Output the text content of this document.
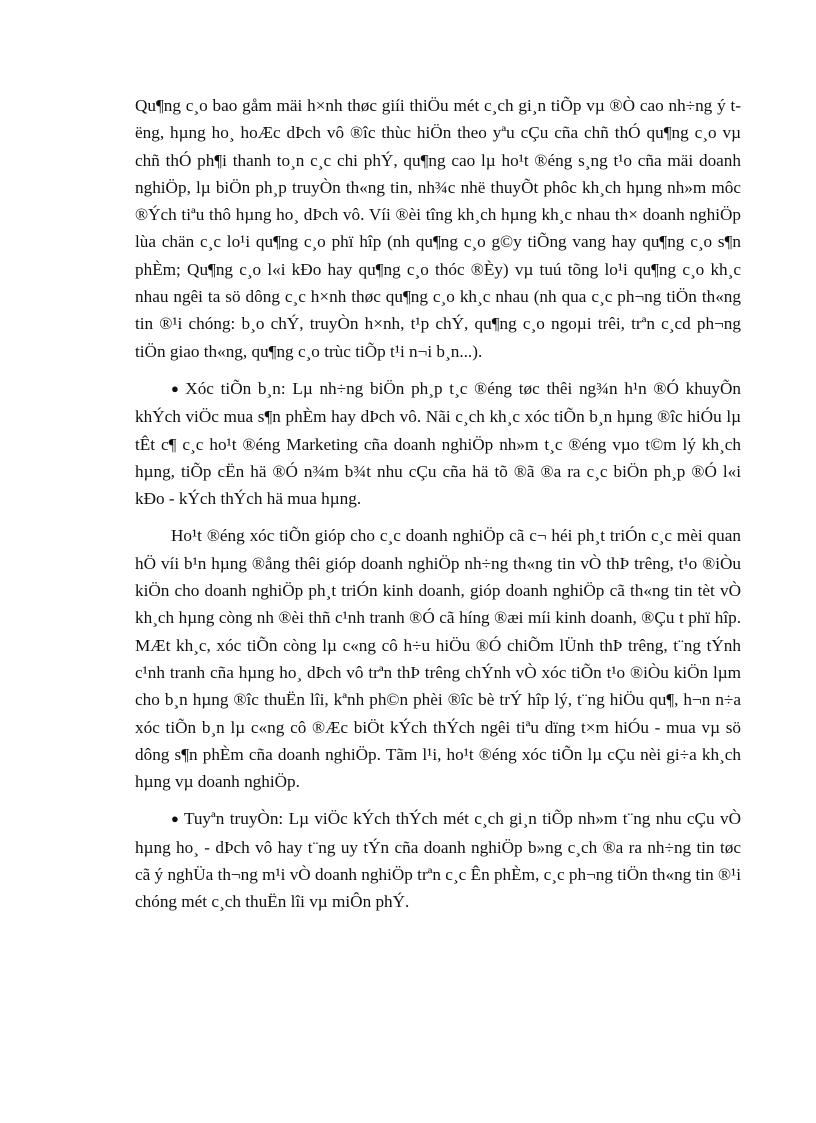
Qu¶ng c¸o bao gåm mäi h×nh thøc giíi thiÖu mét c¸ch gi¸n tiÕp vµ ®Ò cao nh÷ng ý tëng, hµng ho¸ hoÆc dÞch vô ®îc thùc hiÖn theo yªu cÇu cña chñ thÓ qu¶ng c¸o vµ chñ thÓ ph¶i thanh to¸n c¸c chi phÝ, qu¶ng cao lµ ho¹t ®éng s¸ng t¹o cña mäi doanh nghiÖp, lµ biÖn ph¸p truyÒn th«ng tin, nh¾c nhë thuyÕt phôc kh¸ch hµng nh»m môc ®Ých tiªu thô hµng ho¸ dÞch vô. Víi ®èi tîng kh¸ch hµng kh¸c nhau th× doanh nghiÖp lùa chän c¸c lo¹i qu¶ng c¸o phï hîp (nh qu¶ng c¸o g©y tiÕng vang hay qu¶ng c¸o s¶n phÈm; Qu¶ng c¸o l«i kÐo hay qu¶ng c¸o thóc ®Èy) vµ tuú tõng lo¹i qu¶ng c¸o kh¸c nhau ngêi ta sö dông c¸c h×nh thøc qu¶ng c¸o kh¸c nhau (nh qua c¸c ph¬ng tiÖn th«ng tin ®¹i chóng: b¸o chÝ, truyÒn h×nh, t¹p chÝ, qu¶ng c¸o ngoµi trêi, trªn c¸cd ph¬ng tiÖn giao th«ng, qu¶ng c¸o trùc tiÕp t¹i n¬i b¸n...).

● Xóc tiÕn b¸n: Lµ nh÷ng biÖn ph¸p t¸c ®éng tøc thêi ng¾n h¹n ®Ó khuyÕn khÝch viÖc mua s¶n phÈm hay dÞch vô. Nãi c¸ch kh¸c xóc tiÕn b¸n hµng ®îc hiÓu lµ tÊt c¶ c¸c ho¹t ®éng Marketing cña doanh nghiÖp nh»m t¸c ®éng vµo t©m lý kh¸ch hµng, tiÕp cËn hä ®Ó n¾m b¾t nhu cÇu cña hä tõ ®ã ®a ra c¸c biÖn ph¸p ®Ó l«i kÐo - kÝch thÝch hä mua hµng.

Ho¹t ®éng xóc tiÕn gióp cho c¸c doanh nghiÖp cã c¬ héi ph¸t triÓn c¸c mèi quan hÖ víi b¹n hµng ®ång thêi gióp doanh nghiÖp nh÷ng th«ng tin vÒ thÞ trêng, t¹o ®iÒu kiÖn cho doanh nghiÖp ph¸t triÓn kinh doanh, gióp doanh nghiÖp cã th«ng tin tèt vÒ kh¸ch hµng còng nh ®èi thñ c¹nh tranh ®Ó cã híng ®æi míi kinh doanh, ®Çu t phï hîp. MÆt kh¸c, xóc tiÕn còng lµ c«ng cô h÷u hiÖu ®Ó chiÕm lÜnh thÞ trêng, t¨ng tÝnh c¹nh tranh cña hµng ho¸ dÞch vô trªn thÞ trêng chÝnh vÒ xóc tiÕn t¹o ®iÒu kiÖn lµm cho b¸n hµng ®îc thuËn lîi, kªnh ph©n phèi ®îc bè trÝ hîp lý, t¨ng hiÖu qu¶, h¬n n÷a xóc tiÕn b¸n lµ c«ng cô ®Æc biÖt kÝch thÝch ngêi tiªu dïng t×m hiÓu - mua vµ sö dông s¶n phÈm cña doanh nghiÖp. Tãm l¹i, ho¹t ®éng xóc tiÕn lµ cÇu nèi gi÷a kh¸ch hµng vµ doanh nghiÖp.

● Tuyªn truyÒn: Lµ viÖc kÝch thÝch mét c¸ch gi¸n tiÕp nh»m t¨ng nhu cÇu vÒ hµng ho¸ - dÞch vô hay t¨ng uy tÝn cña doanh nghiÖp b»ng c¸ch ®a ra nh÷ng tin tøc cã ý nghÜa th¬ng m¹i vÒ doanh nghiÖp trªn c¸c Ên phÈm, c¸c ph¬ng tiÖn th«ng tin ®¹i chóng mét c¸ch thuËn lîi vµ miÔn phÝ.
